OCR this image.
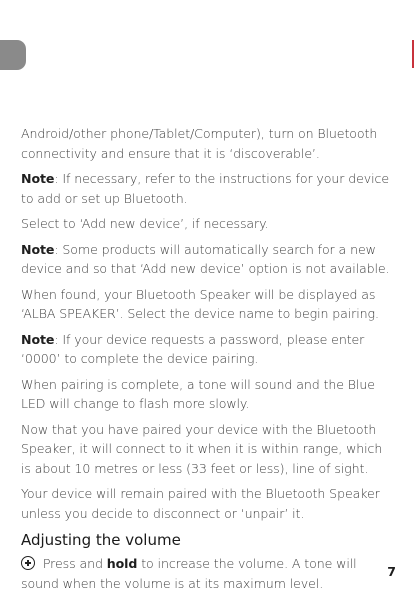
Android/other phone/Tablet/Computer), turn on Bluetooth connectivity and ensure that it is ‘discoverable’.

Note: If necessary, refer to the instructions for your device to add or set up Bluetooth.

Select to ‘Add new device’, if necessary.

Note: Some products will automatically search for a new device and so that ‘Add new device’ option is not available.

When found, your Bluetooth Speaker will be displayed as ‘ALBA SPEAKER’. Select the device name to begin pairing.

Note: If your device requests a password, please enter ‘0000’ to complete the device pairing.

When pairing is complete, a tone will sound and the Blue LED will change to flash more slowly.

Now that you have paired your device with the Bluetooth Speaker, it will connect to it when it is within range, which is about 10 metres or less (33 feet or less), line of sight.

Your device will remain paired with the Bluetooth Speaker unless you decide to disconnect or ‘unpair’ it.

Adjusting the volume

Press and hold to increase the volume. A tone will sound when the volume is at its maximum level.

7
